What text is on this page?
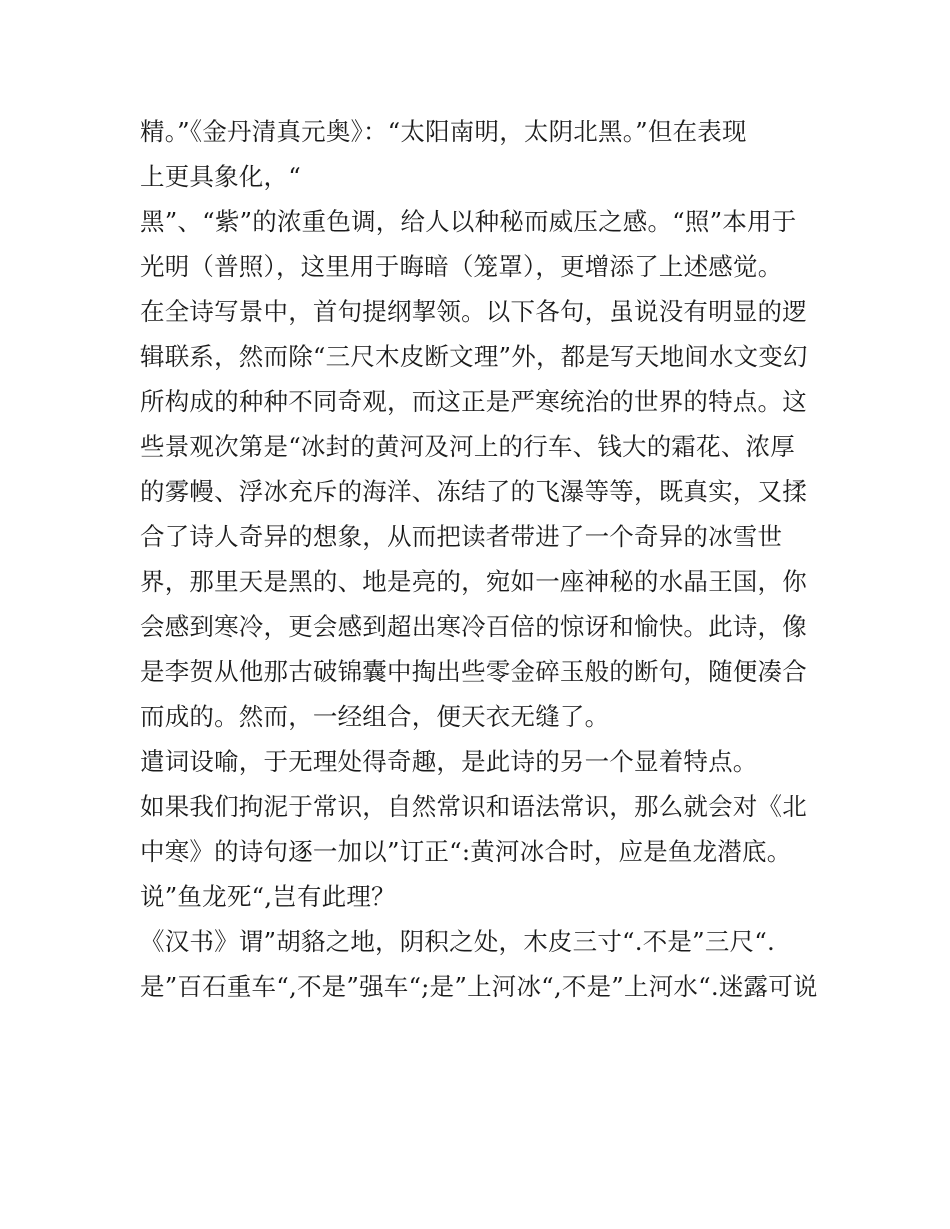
精。”《金丹清真元奥》：“太阳南明，太阴北黑。”但在表现
上更具象化，“
黑”、“紫”的浓重色调，给人以种秘而威压之感。“照”本用于
光明（普照），这里用于晦暗（笼罩），更增添了上述感觉。
在全诗写景中，首句提纲挈领。以下各句，虽说没有明显的逻
辑联系，然而除“三尺木皮断文理”外，都是写天地间水文变幻
所构成的种种不同奇观，而这正是严寒统治的世界的特点。这
些景观次第是“冰封的黄河及河上的行车、钱大的霜花、浓厚
的雾幔、浮冰充斥的海洋、冻结了的飞瀑等等，既真实，又揉
合了诗人奇异的想象，从而把读者带进了一个奇异的冰雪世
界，那里天是黑的、地是亮的，宛如一座神秘的水晶王国，你
会感到寒冷，更会感到超出寒冷百倍的惊讶和愉快。此诗，像
是李贺从他那古破锦囊中掏出些零金碎玉般的断句，随便凑合
而成的。然而，一经组合，便天衣无缝了。
遣词设喻，于无理处得奇趣，是此诗的另一个显着特点。
如果我们拘泥于常识，自然常识和语法常识，那么就会对《北
中寒》的诗句逐一加以”订正“:黄河冰合时，应是鱼龙潜底。
说”鱼龙死“,岂有此理？
《汉书》谓”胡貉之地，阴积之处，木皮三寸“.不是”三尺“.
是”百石重车“,不是”强车“;是”上河冰“,不是”上河水“.迷露可说
